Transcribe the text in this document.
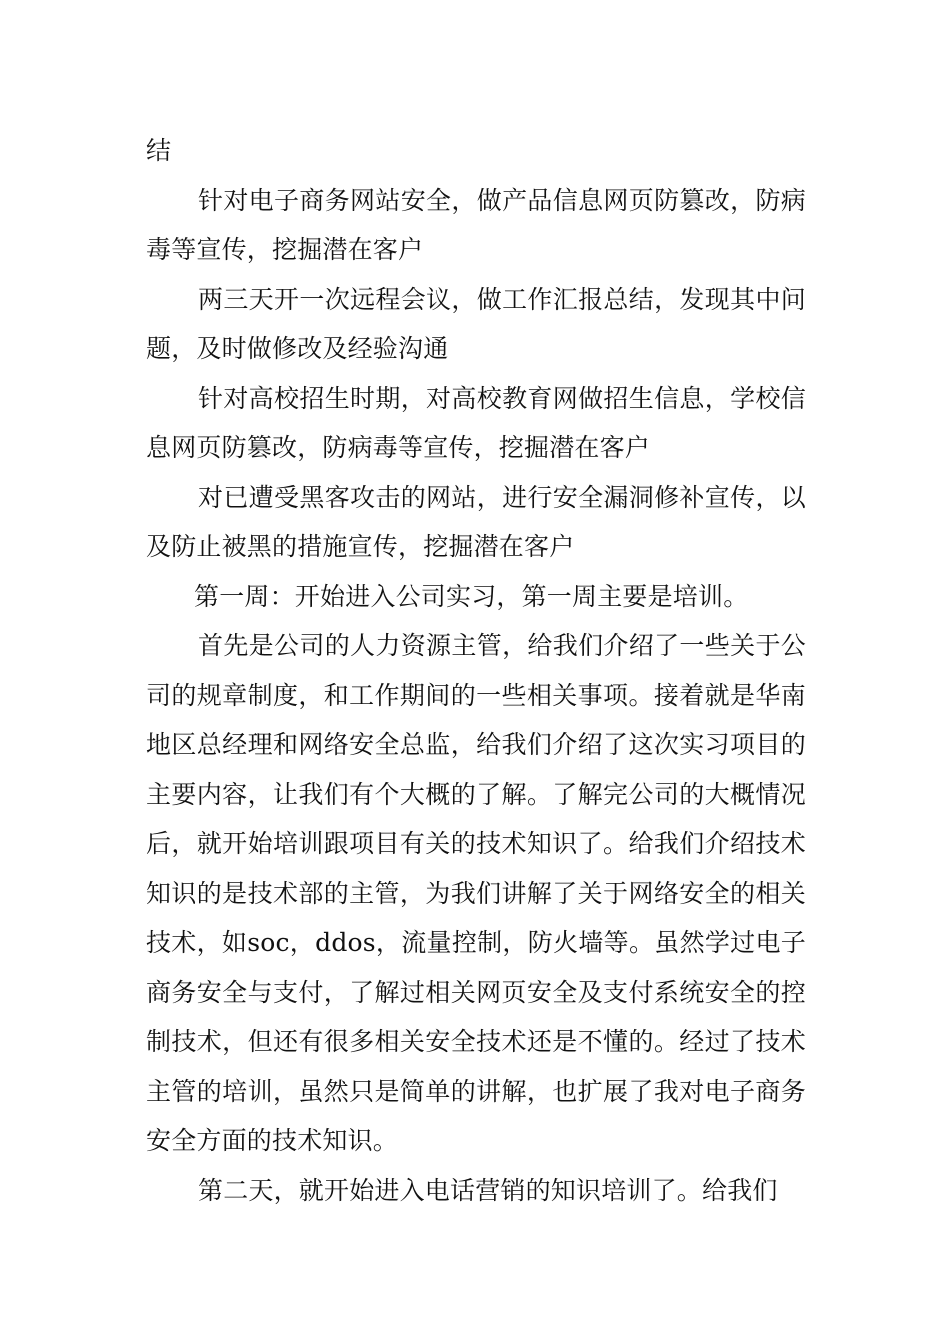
结

针对电子商务网站安全，做产品信息网页防篡改，防病毒等宣传，挖掘潜在客户

两三天开一次远程会议，做工作汇报总结，发现其中问题，及时做修改及经验沟通

针对高校招生时期，对高校教育网做招生信息，学校信息网页防篡改，防病毒等宣传，挖掘潜在客户

对已遭受黑客攻击的网站，进行安全漏洞修补宣传，以及防止被黑的措施宣传，挖掘潜在客户

第一周：开始进入公司实习，第一周主要是培训。

首先是公司的人力资源主管，给我们介绍了一些关于公司的规章制度，和工作期间的一些相关事项。接着就是华南地区总经理和网络安全总监，给我们介绍了这次实习项目的主要内容，让我们有个大概的了解。了解完公司的大概情况后，就开始培训跟项目有关的技术知识了。给我们介绍技术知识的是技术部的主管，为我们讲解了关于网络安全的相关技术，如soc，ddos，流量控制，防火墙等。虽然学过电子商务安全与支付，了解过相关网页安全及支付系统安全的控制技术，但还有很多相关安全技术还是不懂的。经过了技术主管的培训，虽然只是简单的讲解，也扩展了我对电子商务安全方面的技术知识。

第二天，就开始进入电话营销的知识培训了。给我们
